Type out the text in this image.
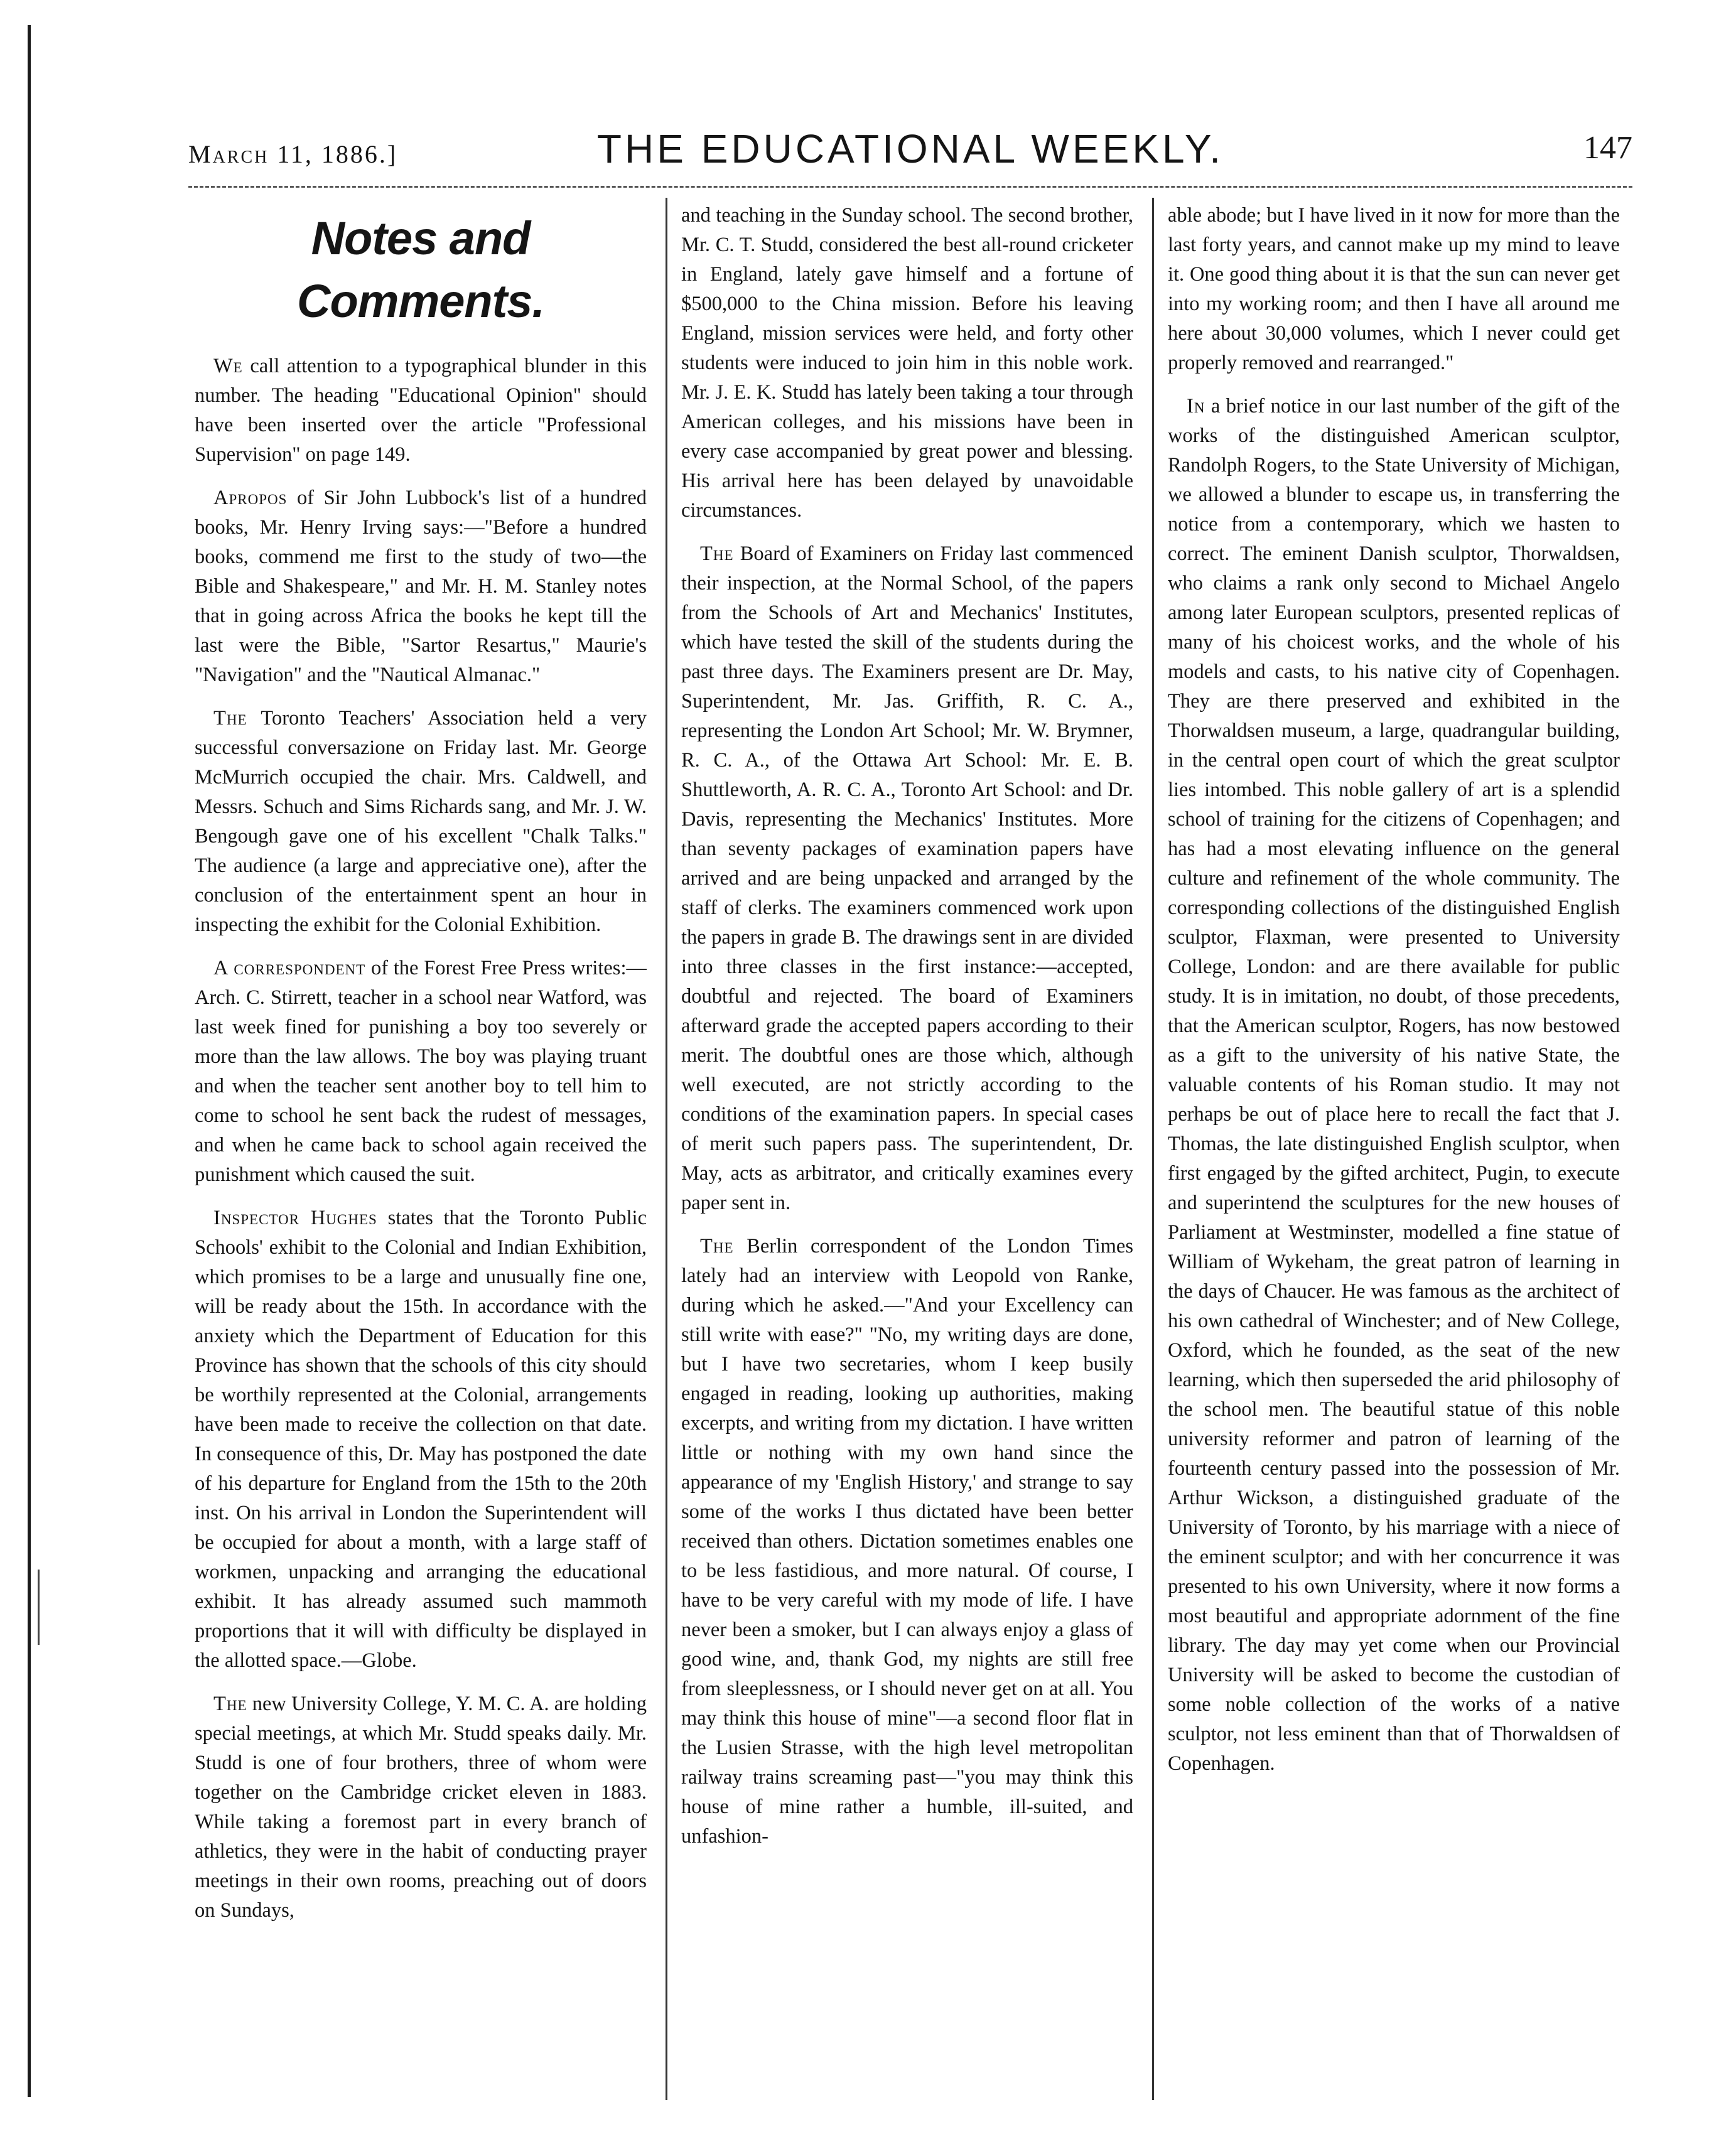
March 11, 1886.]	THE EDUCATIONAL WEEKLY.	147
Notes and Comments.

We call attention to a typographical blunder in this number. The heading "Educational Opinion" should have been inserted over the article "Professional Supervision" on page 149.

Apropos of Sir John Lubbock's list of a hundred books, Mr. Henry Irving says:—"Before a hundred books, commend me first to the study of two—the Bible and Shakespeare," and Mr. H. M. Stanley notes that in going across Africa the books he kept till the last were the Bible, "Sartor Resartus," Maurie's "Navigation" and the "Nautical Almanac."

The Toronto Teachers' Association held a very successful conversazione on Friday last. Mr. George McMurrich occupied the chair. Mrs. Caldwell, and Messrs. Schuch and Sims Richards sang, and Mr. J. W. Bengough gave one of his excellent "Chalk Talks." The audience (a large and appreciative one), after the conclusion of the entertainment spent an hour in inspecting the exhibit for the Colonial Exhibition.

A correspondent of the Forest Free Press writes:—Arch. C. Stirrett, teacher in a school near Watford, was last week fined for punishing a boy too severely or more than the law allows. The boy was playing truant and when the teacher sent another boy to tell him to come to school he sent back the rudest of messages, and when he came back to school again received the punishment which caused the suit.

Inspector Hughes states that the Toronto Public Schools' exhibit to the Colonial and Indian Exhibition, which promises to be a large and unusually fine one, will be ready about the 15th. In accordance with the anxiety which the Department of Education for this Province has shown that the schools of this city should be worthily represented at the Colonial, arrangements have been made to receive the collection on that date. In consequence of this, Dr. May has postponed the date of his departure for England from the 15th to the 20th inst. On his arrival in London the Superintendent will be occupied for about a month, with a large staff of workmen, unpacking and arranging the educational exhibit. It has already assumed such mammoth proportions that it will with difficulty be displayed in the allotted space.—Globe.

The new University College, Y. M. C. A. are holding special meetings, at which Mr. Studd speaks daily. Mr. Studd is one of four brothers, three of whom were together on the Cambridge cricket eleven in 1883. While taking a foremost part in every branch of athletics, they were in the habit of conducting prayer meetings in their own rooms, preaching out of doors on Sundays,

and teaching in the Sunday school. The second brother, Mr. C. T. Studd, considered the best all-round cricketer in England, lately gave himself and a fortune of $500,000 to the China mission. Before his leaving England, mission services were held, and forty other students were induced to join him in this noble work. Mr. J. E. K. Studd has lately been taking a tour through American colleges, and his missions have been in every case accompanied by great power and blessing. His arrival here has been delayed by unavoidable circumstances.

The Board of Examiners on Friday last commenced their inspection, at the Normal School, of the papers from the Schools of Art and Mechanics' Institutes, which have tested the skill of the students during the past three days. The Examiners present are Dr. May, Superintendent, Mr. Jas. Griffith, R. C. A., representing the London Art School; Mr. W. Brymner, R. C. A., of the Ottawa Art School: Mr. E. B. Shuttleworth, A. R. C. A., Toronto Art School: and Dr. Davis, representing the Mechanics' Institutes. More than seventy packages of examination papers have arrived and are being unpacked and arranged by the staff of clerks. The examiners commenced work upon the papers in grade B. The drawings sent in are divided into three classes in the first instance:—accepted, doubtful and rejected. The board of Examiners afterward grade the accepted papers according to their merit. The doubtful ones are those which, although well executed, are not strictly according to the conditions of the examination papers. In special cases of merit such papers pass. The superintendent, Dr. May, acts as arbitrator, and critically examines every paper sent in.

The Berlin correspondent of the London Times lately had an interview with Leopold von Ranke, during which he asked.—"And your Excellency can still write with ease?" "No, my writing days are done, but I have two secretaries, whom I keep busily engaged in reading, looking up authorities, making excerpts, and writing from my dictation. I have written little or nothing with my own hand since the appearance of my 'English History,' and strange to say some of the works I thus dictated have been better received than others. Dictation sometimes enables one to be less fastidious, and more natural. Of course, I have to be very careful with my mode of life. I have never been a smoker, but I can always enjoy a glass of good wine, and, thank God, my nights are still free from sleeplessness, or I should never get on at all. You may think this house of mine"—a second floor flat in the Lusien Strasse, with the high level metropolitan railway trains screaming past—"you may think this house of mine rather a humble, ill-suited, and unfashion-

able abode; but I have lived in it now for more than the last forty years, and cannot make up my mind to leave it. One good thing about it is that the sun can never get into my working room; and then I have all around me here about 30,000 volumes, which I never could get properly removed and rearranged."

In a brief notice in our last number of the gift of the works of the distinguished American sculptor, Randolph Rogers, to the State University of Michigan, we allowed a blunder to escape us, in transferring the notice from a contemporary, which we hasten to correct. The eminent Danish sculptor, Thorwaldsen, who claims a rank only second to Michael Angelo among later European sculptors, presented replicas of many of his choicest works, and the whole of his models and casts, to his native city of Copenhagen. They are there preserved and exhibited in the Thorwaldsen museum, a large, quadrangular building, in the central open court of which the great sculptor lies intombed. This noble gallery of art is a splendid school of training for the citizens of Copenhagen; and has had a most elevating influence on the general culture and refinement of the whole community. The corresponding collections of the distinguished English sculptor, Flaxman, were presented to University College, London: and are there available for public study. It is in imitation, no doubt, of those precedents, that the American sculptor, Rogers, has now bestowed as a gift to the university of his native State, the valuable contents of his Roman studio. It may not perhaps be out of place here to recall the fact that J. Thomas, the late distinguished English sculptor, when first engaged by the gifted architect, Pugin, to execute and superintend the sculptures for the new houses of Parliament at Westminster, modelled a fine statue of William of Wykeham, the great patron of learning in the days of Chaucer. He was famous as the architect of his own cathedral of Winchester; and of New College, Oxford, which he founded, as the seat of the new learning, which then superseded the arid philosophy of the school men. The beautiful statue of this noble university reformer and patron of learning of the fourteenth century passed into the possession of Mr. Arthur Wickson, a distinguished graduate of the University of Toronto, by his marriage with a niece of the eminent sculptor; and with her concurrence it was presented to his own University, where it now forms a most beautiful and appropriate adornment of the fine library. The day may yet come when our Provincial University will be asked to become the custodian of some noble collection of the works of a native sculptor, not less eminent than that of Thorwaldsen of Copenhagen.
